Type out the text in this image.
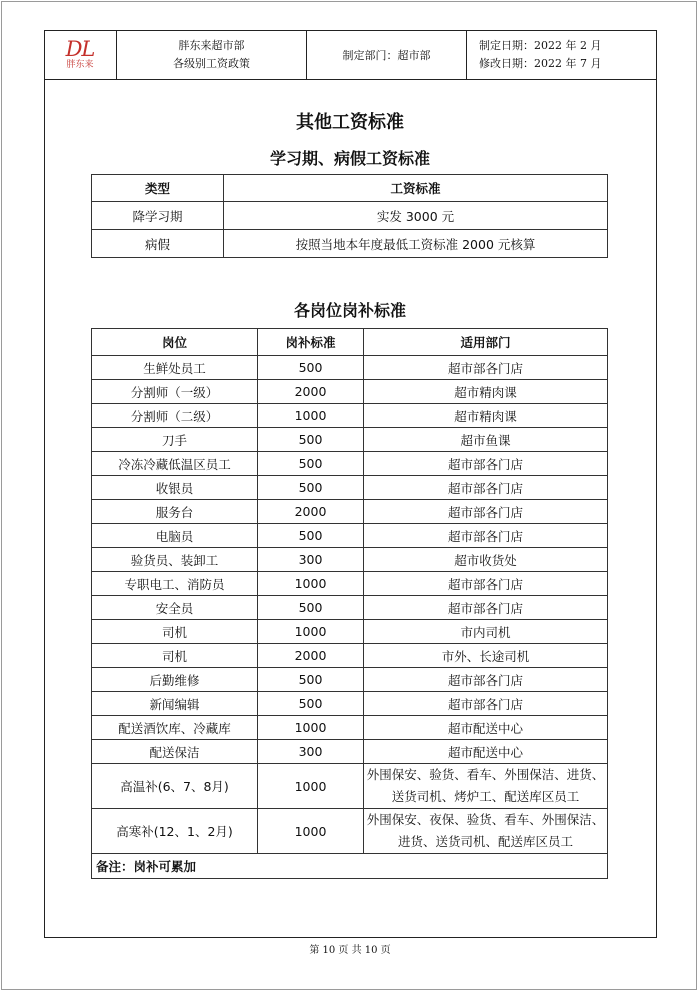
DL
胖东来
胖东来超市部
各级别工资政策
制定部门：超市部
制定日期：2022 年 2 月
修改日期：2022 年 7 月
其他工资标准
学习期、病假工资标准
类型	工资标准
降学习期	实发 3000 元
病假	按照当地本年度最低工资标准 2000 元核算
各岗位岗补标准
岗位	岗补标准	适用部门
生鲜处员工	500	超市部各门店
分割师（一级）	2000	超市精肉课
分割师（二级）	1000	超市精肉课
刀手	500	超市鱼课
冷冻冷藏低温区员工	500	超市部各门店
收银员	500	超市部各门店
服务台	2000	超市部各门店
电脑员	500	超市部各门店
验货员、装卸工	300	超市收货处
专职电工、消防员	1000	超市部各门店
安全员	500	超市部各门店
司机	1000	市内司机
司机	2000	市外、长途司机
后勤维修	500	超市部各门店
新闻编辑	500	超市部各门店
配送酒饮库、冷藏库	1000	超市配送中心
配送保洁	300	超市配送中心
高温补(6、7、8月)	1000	外围保安、验货、看车、外围保洁、进货、
送货司机、烤炉工、配送库区员工

高寒补(12、1、2月)	1000	外围保安、夜保、验货、看车、外围保洁、
进货、送货司机、配送库区员工

备注：岗补可累加		
第 10 页 共 10 页
